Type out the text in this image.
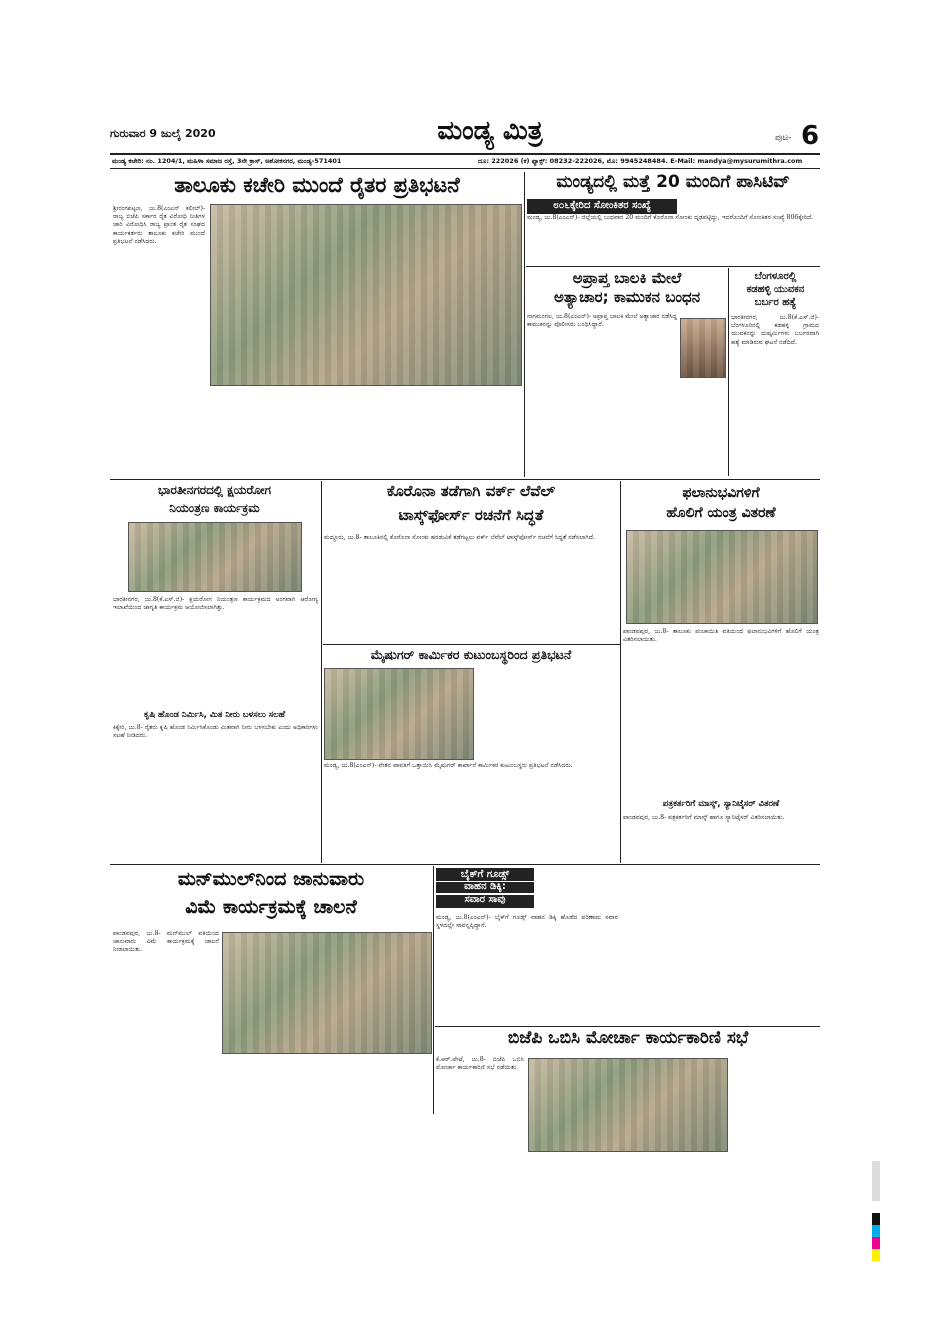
ಗುರುವಾರ 9 ಜುಲೈ 2020	ಮಂಡ್ಯ ಮಿತ್ರ	ಪುಟ- 6
ಮಂಡ್ಯ ಕಚೇರಿ: ನಂ. 1204/1, ಮಹಿಳಾ ಸಮಾಜ ರಸ್ತೆ, 3ನೇ ಕ್ರಾಸ್, ಅಶೋಕನಗರ, ಮಂಡ್ಯ-571401	ದೂ: 222026 (ಕ) ಫ್ಯಾಕ್ಸ್: 08232-222026, ಮೊ: 9945248484. E-Mail: mandya@mysurumithra.com
ತಾಲೂಕು ಕಚೇರಿ ಮುಂದೆ ರೈತರ ಪ್ರತಿಭಟನೆ
ಶ್ರೀರಂಗಪಟ್ಟಣ, ಜು.8(ಎಂಎನ್ ಕಲೀಲ್)- ರಾಜ್ಯ ಬಿಜೆಪಿ ಸರ್ಕಾರ ರೈತ ವಿರೋಧಿ ನೀತಿಗಳ ಜಾರಿ ವಿರೋಧಿಸಿ ರಾಜ್ಯ ಪ್ರಾಂತ ರೈತ ಸಂಘದ ಕಾರ್ಯಕರ್ತರು ತಾಲೂಕು ಕಚೇರಿ ಮುಂದೆ ಪ್ರತಿಭಟನೆ ನಡೆಸಿದರು.
ಮಂಡ್ಯದಲ್ಲಿ ಮತ್ತೆ 20 ಮಂದಿಗೆ ಪಾಸಿಟಿವ್
೮೦೬ಕ್ಕೇರಿದ ಸೋಂಕಿತರ ಸಂಖ್ಯೆ
ಮಂಡ್ಯ, ಜು.8(ಎಂಎನ್)- ಜಿಲ್ಲೆಯಲ್ಲಿ ಬುಧವಾರ 20 ಮಂದಿಗೆ ಕೊರೊನಾ ಸೋಂಕು ದೃಢಪಟ್ಟಿದ್ದು, ಇದರೊಂದಿಗೆ ಸೋಂಕಿತರ ಸಂಖ್ಯೆ 806ಕ್ಕೇರಿದೆ.
ಅಪ್ರಾಪ್ತ ಬಾಲಕಿ ಮೇಲೆ
ಅತ್ಯಾಚಾರ; ಕಾಮುಕನ ಬಂಧನ
ನಾಗಮಂಗಲ, ಜು.8(ಎಂಎನ್)- ಅಪ್ರಾಪ್ತ ಬಾಲಕಿ ಮೇಲೆ ಅತ್ಯಾಚಾರ ನಡೆಸಿದ್ದ ಕಾಮುಕನನ್ನು ಪೊಲೀಸರು ಬಂಧಿಸಿದ್ದಾರೆ.
ಬೆಂಗಳೂರಲ್ಲಿ
ಕಡಹಳ್ಳಿ ಯುವಕನ
ಬರ್ಬರ ಹತ್ಯೆ
ಭಾರತೀನಗರ, ಜು.8(ಕೆ.ಎಸ್.ಜಿ)- ಬೆಂಗಳೂರಿನಲ್ಲಿ ಕಡಹಳ್ಳಿ ಗ್ರಾಮದ ಯುವಕನನ್ನು ದುಷ್ಕರ್ಮಿಗಳು ಬರ್ಬರವಾಗಿ ಹತ್ಯೆ ಮಾಡಿರುವ ಘಟನೆ ನಡೆದಿದೆ.
ಭಾರತೀನಗರದಲ್ಲಿ ಕ್ಷಯರೋಗ
ನಿಯಂತ್ರಣ ಕಾರ್ಯಕ್ರಮ
ಭಾರತೀನಗರ, ಜು.8(ಕೆ.ಎಸ್.ಜಿ)- ಕ್ಷಯರೋಗ ನಿಯಂತ್ರಣ ಕಾರ್ಯಕ್ರಮದ ಅಂಗವಾಗಿ ಆರೋಗ್ಯ ಇಲಾಖೆಯಿಂದ ಜಾಗೃತಿ ಕಾರ್ಯಕ್ರಮ ಆಯೋಜಿಸಲಾಗಿತ್ತು.
ಕೃಷಿ ಹೊಂಡ ನಿರ್ಮಿಸಿ, ಮಿತ ನೀರು ಬಳಸಲು ಸಲಹೆ
ಕಿಕ್ಕೇರಿ, ಜು.8- ರೈತರು ಕೃಷಿ ಹೊಂಡ ನಿರ್ಮಿಸಿಕೊಂಡು ಮಿತವಾಗಿ ನೀರು ಬಳಸಬೇಕು ಎಂದು ಅಧಿಕಾರಿಗಳು ಸಲಹೆ ನೀಡಿದರು.
ಕೊರೊನಾ ತಡೆಗಾಗಿ ವರ್ಕ್ ಲೆವೆಲ್
ಟಾಸ್ಕ್‌ಫೋರ್ಸ್ ರಚನೆಗೆ ಸಿದ್ಧತೆ
ಮದ್ದೂರು, ಜು.8- ತಾಲೂಕಿನಲ್ಲಿ ಕೊರೊನಾ ಸೋಂಕು ಹರಡುವಿಕೆ ತಡೆಗಟ್ಟಲು ವರ್ಕ್ ಲೆವೆಲ್ ಟಾಸ್ಕ್‌ಫೋರ್ಸ್ ರಚನೆಗೆ ಸಿದ್ಧತೆ ನಡೆಸಲಾಗಿದೆ.
ಮೈಷುಗರ್ ಕಾರ್ಮಿಕರ ಕುಟುಂಬಸ್ಥರಿಂದ ಪ್ರತಿಭಟನೆ
ಮಂಡ್ಯ, ಜು.8(ಎಂಎನ್)- ವೇತನ ಪಾವತಿಗೆ ಒತ್ತಾಯಿಸಿ ಮೈಷುಗರ್ ಕಾರ್ಖಾನೆ ಕಾರ್ಮಿಕರ ಕುಟುಂಬಸ್ಥರು ಪ್ರತಿಭಟನೆ ನಡೆಸಿದರು.
ಫಲಾನುಭವಿಗಳಿಗೆ
ಹೊಲಿಗೆ ಯಂತ್ರ ವಿತರಣೆ
ಪಾಂಡವಪುರ, ಜು.8- ತಾಲೂಕು ಪಂಚಾಯಿತಿ ವತಿಯಿಂದ ಫಲಾನುಭವಿಗಳಿಗೆ ಹೊಲಿಗೆ ಯಂತ್ರ ವಿತರಿಸಲಾಯಿತು.
ಪತ್ರಕರ್ತರಿಗೆ ಮಾಸ್ಕ್, ಸ್ಯಾನಿಟೈಸರ್ ವಿತರಣೆ
ಪಾಂಡವಪುರ, ಜು.8- ಪತ್ರಕರ್ತರಿಗೆ ಮಾಸ್ಕ್ ಹಾಗೂ ಸ್ಯಾನಿಟೈಸರ್ ವಿತರಿಸಲಾಯಿತು.
ಮನ್‌ಮುಲ್‌ನಿಂದ ಜಾನುವಾರು
ವಿಮೆ ಕಾರ್ಯಕ್ರಮಕ್ಕೆ ಚಾಲನೆ
ಪಾಂಡವಪುರ, ಜು.8- ಮನ್‌ಮುಲ್ ವತಿಯಿಂದ ಜಾನುವಾರು ವಿಮೆ ಕಾರ್ಯಕ್ರಮಕ್ಕೆ ಚಾಲನೆ ನೀಡಲಾಯಿತು.
ಬೈಕ್‌ಗೆ ಗೂಡ್ಸ್
ವಾಹನ ಡಿಕ್ಕಿ:
ಸವಾರ ಸಾವು
ಮಂಡ್ಯ, ಜು.8(ಎಂಎನ್)- ಬೈಕ್‌ಗೆ ಗೂಡ್ಸ್ ವಾಹನ ಡಿಕ್ಕಿ ಹೊಡೆದ ಪರಿಣಾಮ ಸವಾರ ಸ್ಥಳದಲ್ಲೇ ಸಾವನ್ನಪ್ಪಿದ್ದಾನೆ.
ಬಿಜೆಪಿ ಒಬಿಸಿ ಮೋರ್ಚಾ ಕಾರ್ಯಕಾರಿಣಿ ಸಭೆ
ಕೆ.ಆರ್.ಪೇಟೆ, ಜು.8- ಬಿಜೆಪಿ ಒಬಿಸಿ ಮೋರ್ಚಾ ಕಾರ್ಯಕಾರಿಣಿ ಸಭೆ ನಡೆಯಿತು.
